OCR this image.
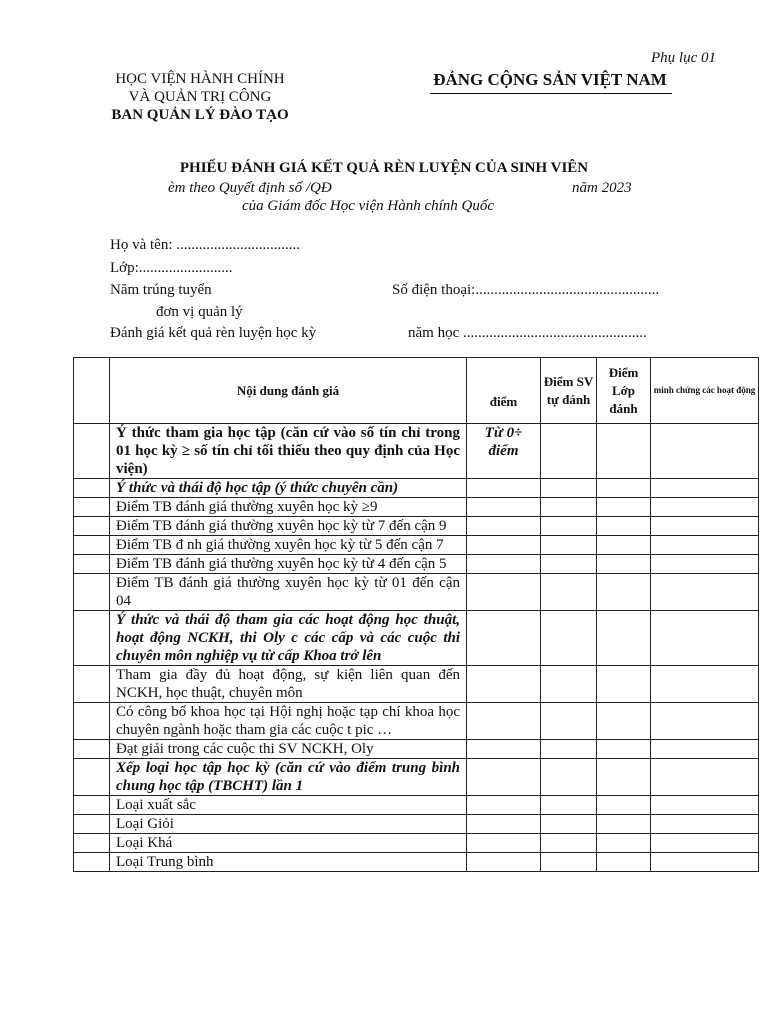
Phụ lục 01
HỌC VIỆN HÀNH CHÍNH
VÀ QUẢN TRỊ CÔNG
BAN QUẢN LÝ ĐÀO TẠO
ĐẢNG CỘNG SẢN VIỆT NAM
PHIẾU ĐÁNH GIÁ KẾT QUẢ RÈN LUYỆN CỦA SINH VIÊN
èm theo Quyết định số /QĐ	năm 2023
của Giám đốc Học viện Hành chính Quốc
Họ và tên: .................................
Lớp:.........................
Năm trúng tuyển	Số điện thoại:.................................................
đơn vị quản lý
Đánh giá kết quả rèn luyện học kỳ	năm học .................................................
	Nội dung đánh giá	điểm	Điểm SV tự đánh	Điểm Lớp đánh	minh chứng các hoạt động
	Ý thức tham gia học tập (căn cứ vào số tín chỉ trong 01 học kỳ ≥ số tín chỉ tối thiểu theo quy định của Học viện)	Từ 0÷ điểm			
	Ý thức và thái độ học tập (ý thức chuyên cần)				
	Điểm TB đánh giá thường xuyên học kỳ ≥9				
	Điểm TB đánh giá thường xuyên học kỳ từ 7 đến cận 9				
	Điểm TB đ nh giá thường xuyên học kỳ từ 5 đến cận 7				
	Điểm TB đánh giá thường xuyên học kỳ từ 4 đến cận 5				
	Điểm TB đánh giá thường xuyên học kỳ từ 01 đến cận 04				
	Ý thức và thái độ tham gia các hoạt động học thuật, hoạt động NCKH, thi Oly c các cấp và các cuộc thi chuyên môn nghiệp vụ từ cấp Khoa trở lên				
	Tham gia đầy đủ hoạt động, sự kiện liên quan đến NCKH, học thuật, chuyên môn				
	Có công bố khoa học tại Hội nghị hoặc tạp chí khoa học chuyên ngành hoặc tham gia các cuộc t pic …				
	Đạt giải trong các cuộc thi SV NCKH, Oly				
	Xếp loại học tập học kỳ (căn cứ vào điểm trung bình chung học tập (TBCHT) lần 1				
	Loại xuất sắc				
	Loại Giỏi				
	Loại Khá				
	Loại Trung bình				
